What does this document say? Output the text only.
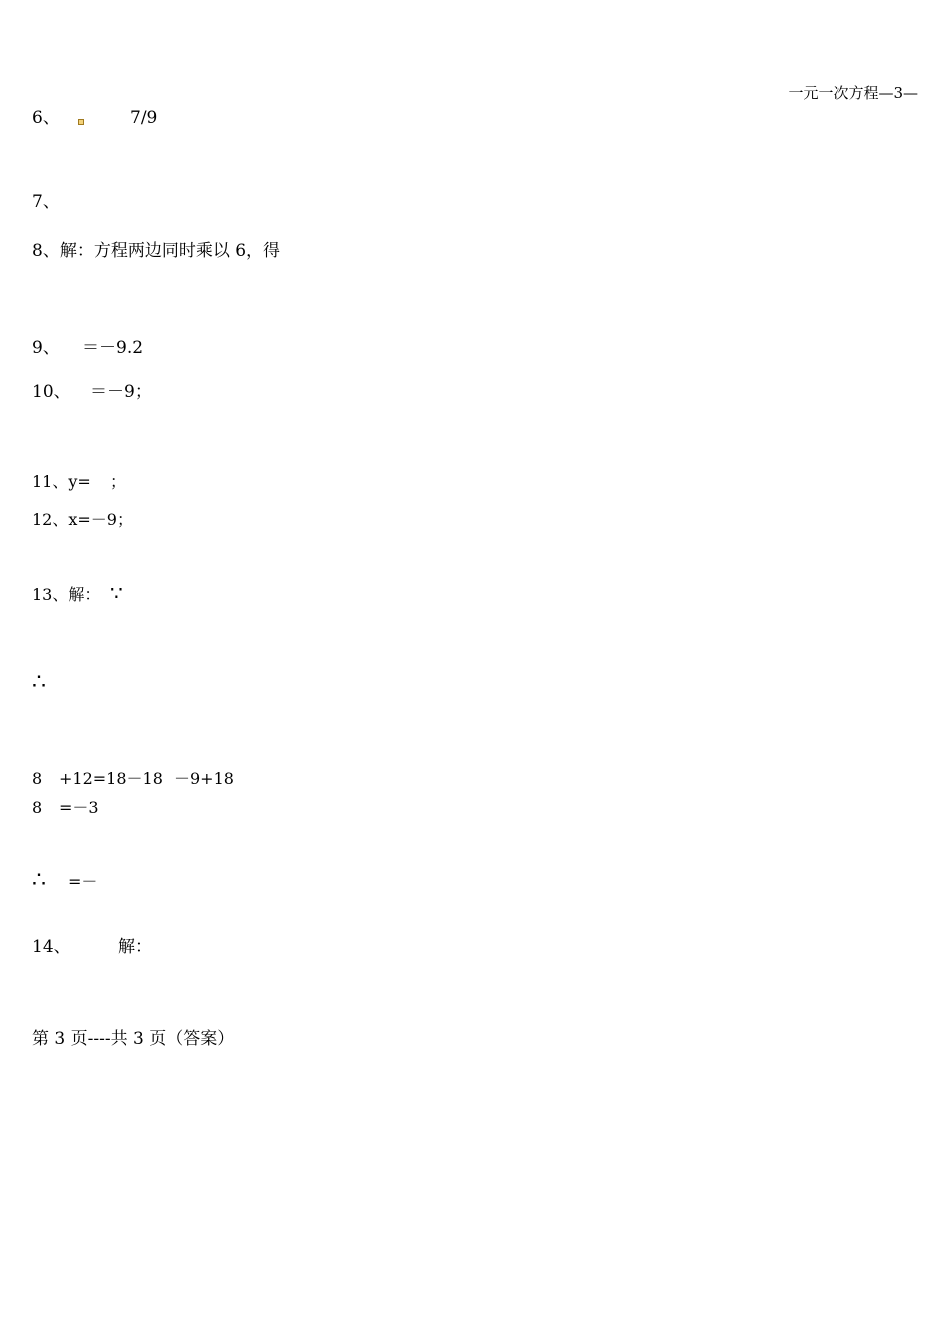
一元一次方程—3—

6、

	7/9

7、
8、解：方程两边同时乘以 6，得

9、

＝－9.2

10、

＝－9；

11、y=

；

12、x=－9；

13、解：

∵

∴

8

+12=18－18

－9+18

8

=－3

∴

=－

14、

	解：

第 3 页----共 3 页（答案）
